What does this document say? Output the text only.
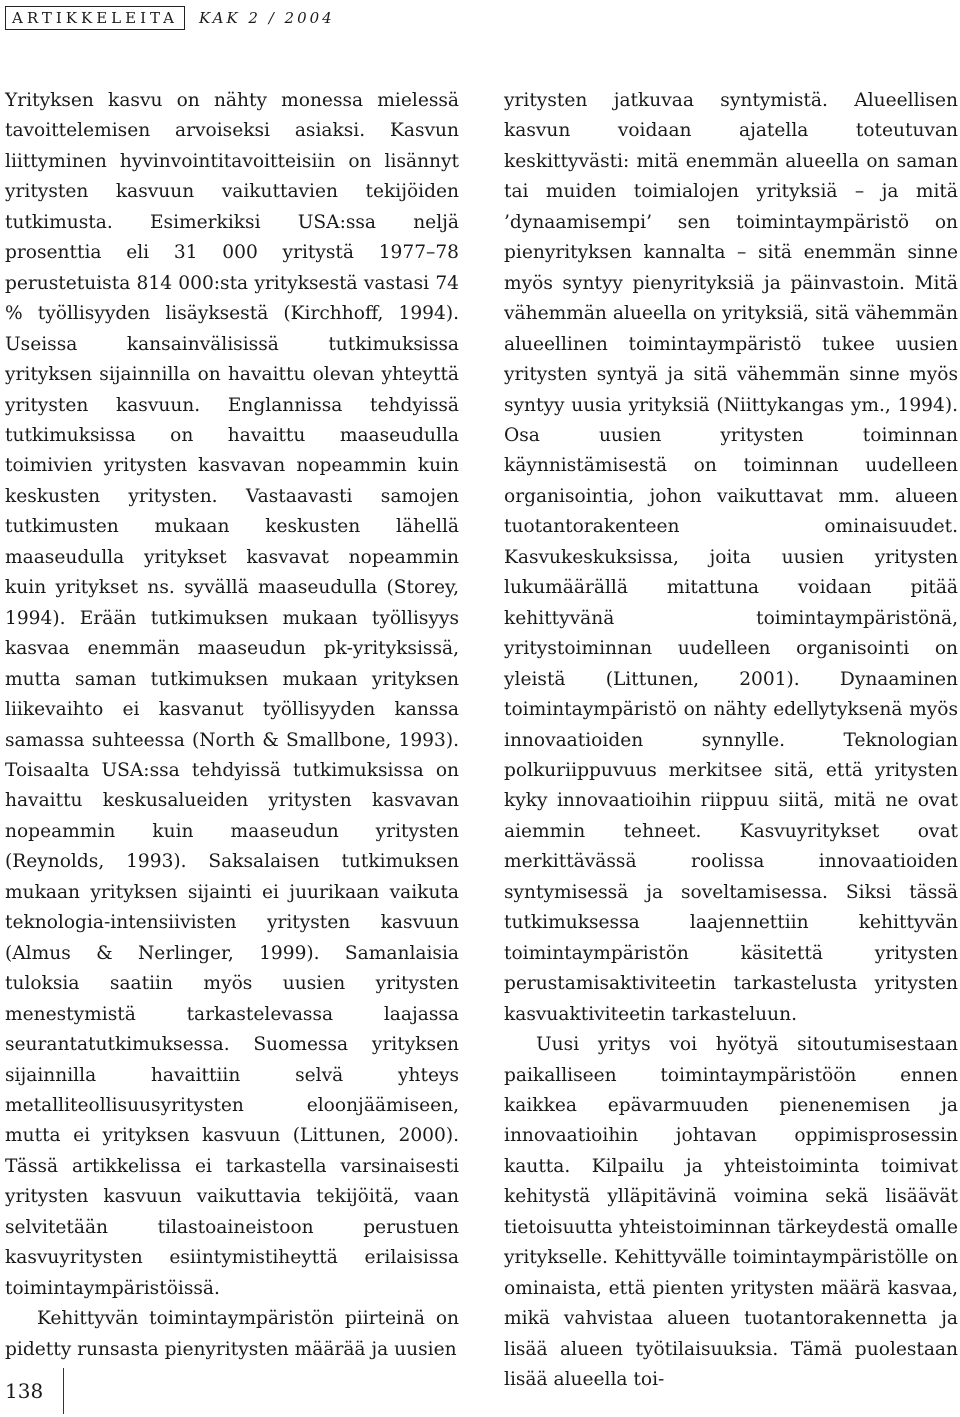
ARTIKKELEITA	KAK 2 / 2004

Yrityksen kasvu on nähty monessa mielessä tavoittelemisen arvoiseksi asiaksi. Kasvun liittyminen hyvinvointitavoitteisiin on lisännyt yritysten kasvuun vaikuttavien tekijöiden tutkimusta. Esimerkiksi USA:ssa neljä prosenttia eli 31 000 yritystä 1977–78 perustetuista 814 000:sta yrityksestä vastasi 74 % työllisyyden lisäyksestä (Kirchhoff, 1994). Useissa kansainvälisissä tutkimuksissa yrityksen sijainnilla on havaittu olevan yhteyttä yritysten kasvuun. Englannissa tehdyissä tutkimuksissa on havaittu maaseudulla toimivien yritysten kasvavan nopeammin kuin keskusten yritysten. Vastaavasti samojen tutkimusten mukaan keskusten lähellä maaseudulla yritykset kasvavat nopeammin kuin yritykset ns. syvällä maaseudulla (Storey, 1994). Erään tutkimuksen mukaan työllisyys kasvaa enemmän maaseudun pk-yrityksissä, mutta saman tutkimuksen mukaan yrityksen liikevaihto ei kasvanut työllisyyden kanssa samassa suhteessa (North & Smallbone, 1993). Toisaalta USA:ssa tehdyissä tutkimuksissa on havaittu keskusalueiden yritysten kasvavan nopeammin kuin maaseudun yritysten (Reynolds, 1993). Saksalaisen tutkimuksen mukaan yrityksen sijainti ei juurikaan vaikuta teknologia-intensiivisten yritysten kasvuun (Almus & Nerlinger, 1999). Samanlaisia tuloksia saatiin myös uusien yritysten menestymistä tarkastelevassa laajassa seurantatutkimuksessa. Suomessa yrityksen sijainnilla havaittiin selvä yhteys metalliteollisuusyritysten eloonjäämiseen, mutta ei yrityksen kasvuun (Littunen, 2000). Tässä artikkelissa ei tarkastella varsinaisesti yritysten kasvuun vaikuttavia tekijöitä, vaan selvitetään tilastoaineistoon perustuen kasvuyritysten esiintymistiheyttä erilaisissa toimintaympäristöissä.

Kehittyvän toimintaympäristön piirteinä on pidetty runsasta pienyritysten määrää ja uusien

yritysten jatkuvaa syntymistä. Alueellisen kasvun voidaan ajatella toteutuvan keskittyvästi: mitä enemmän alueella on saman tai muiden toimialojen yrityksiä – ja mitä ’dynaamisempi’ sen toimintaympäristö on pienyrityksen kannalta – sitä enemmän sinne myös syntyy pienyrityksiä ja päinvastoin. Mitä vähemmän alueella on yrityksiä, sitä vähemmän alueellinen toimintaympäristö tukee uusien yritysten syntyä ja sitä vähemmän sinne myös syntyy uusia yrityksiä (Niittykangas ym., 1994). Osa uusien yritysten toiminnan käynnistämisestä on toiminnan uudelleen organisointia, johon vaikuttavat mm. alueen tuotantorakenteen ominaisuudet. Kasvukeskuksissa, joita uusien yritysten lukumäärällä mitattuna voidaan pitää kehittyvänä toimintaympäristönä, yritystoiminnan uudelleen organisointi on yleistä (Littunen, 2001). Dynaaminen toimintaympäristö on nähty edellytyksenä myös innovaatioiden synnylle. Teknologian polkuriippuvuus merkitsee sitä, että yritysten kyky innovaatioihin riippuu siitä, mitä ne ovat aiemmin tehneet. Kasvuyritykset ovat merkittävässä roolissa innovaatioiden syntymisessä ja soveltamisessa. Siksi tässä tutkimuksessa laajennettiin kehittyvän toimintaympäristön käsitettä yritysten perustamisaktiviteetin tarkastelusta yritysten kasvuaktiviteetin tarkasteluun.

Uusi yritys voi hyötyä sitoutumisestaan paikalliseen toimintaympäristöön ennen kaikkea epävarmuuden pienenemisen ja innovaatioihin johtavan oppimisprosessin kautta. Kilpailu ja yhteistoiminta toimivat kehitystä ylläpitävinä voimina sekä lisäävät tietoisuutta yhteistoiminnan tärkeydestä omalle yritykselle. Kehittyvälle toimintaympäristölle on ominaista, että pienten yritysten määrä kasvaa, mikä vahvistaa alueen tuotantorakennetta ja lisää alueen työtilaisuuksia. Tämä puolestaan lisää alueella toi-

138
